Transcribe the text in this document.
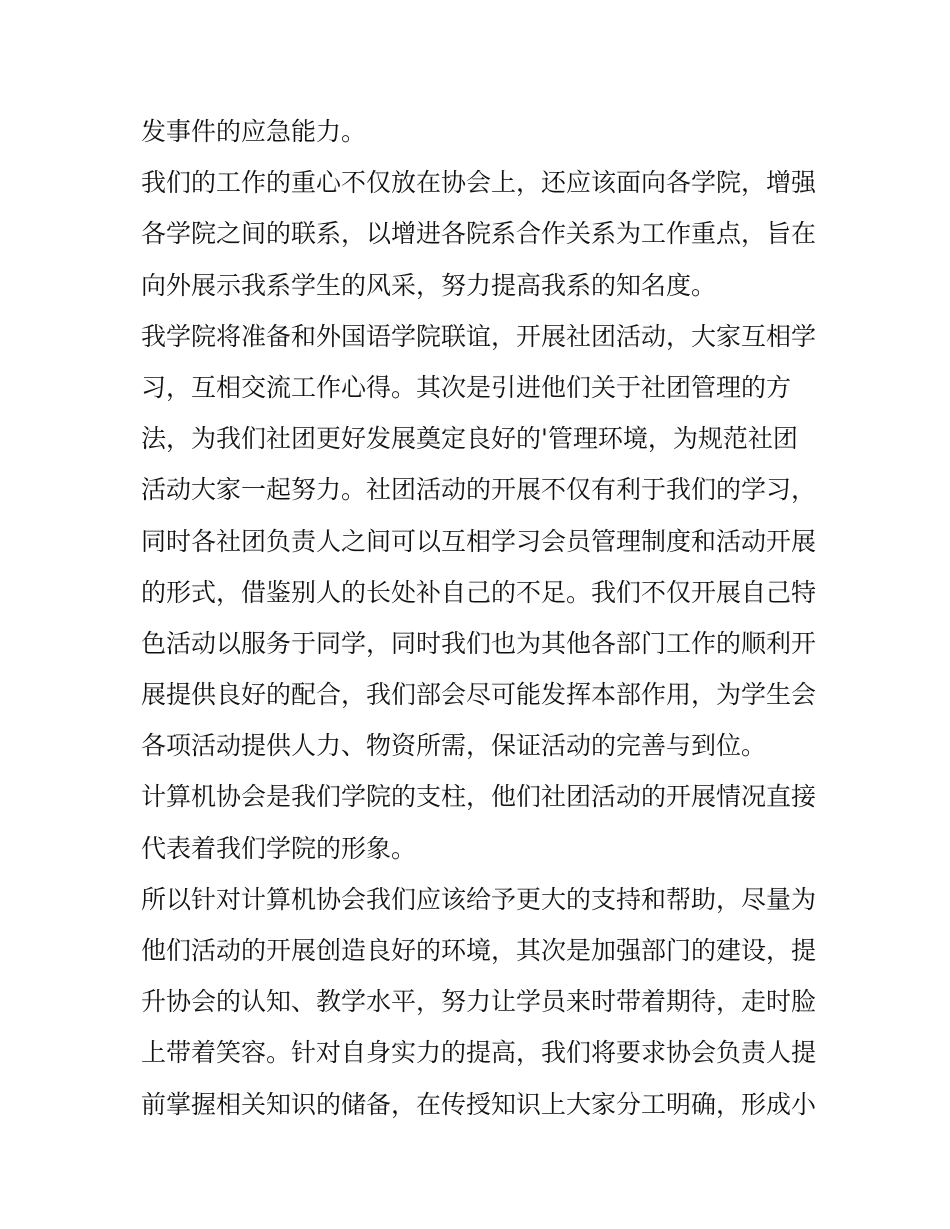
发事件的应急能力。
我们的工作的重心不仅放在协会上，还应该面向各学院，增强
各学院之间的联系，以增进各院系合作关系为工作重点，旨在
向外展示我系学生的风采，努力提高我系的知名度。
我学院将准备和外国语学院联谊，开展社团活动，大家互相学
习，互相交流工作心得。其次是引进他们关于社团管理的方
法，为我们社团更好发展奠定良好的'管理环境，为规范社团
活动大家一起努力。社团活动的开展不仅有利于我们的学习，
同时各社团负责人之间可以互相学习会员管理制度和活动开展
的形式，借鉴别人的长处补自己的不足。我们不仅开展自己特
色活动以服务于同学，同时我们也为其他各部门工作的顺利开
展提供良好的配合，我们部会尽可能发挥本部作用，为学生会
各项活动提供人力、物资所需，保证活动的完善与到位。
计算机协会是我们学院的支柱，他们社团活动的开展情况直接
代表着我们学院的形象。
所以针对计算机协会我们应该给予更大的支持和帮助，尽量为
他们活动的开展创造良好的环境，其次是加强部门的建设，提
升协会的认知、教学水平，努力让学员来时带着期待，走时脸
上带着笑容。针对自身实力的提高，我们将要求协会负责人提
前掌握相关知识的储备，在传授知识上大家分工明确，形成小
